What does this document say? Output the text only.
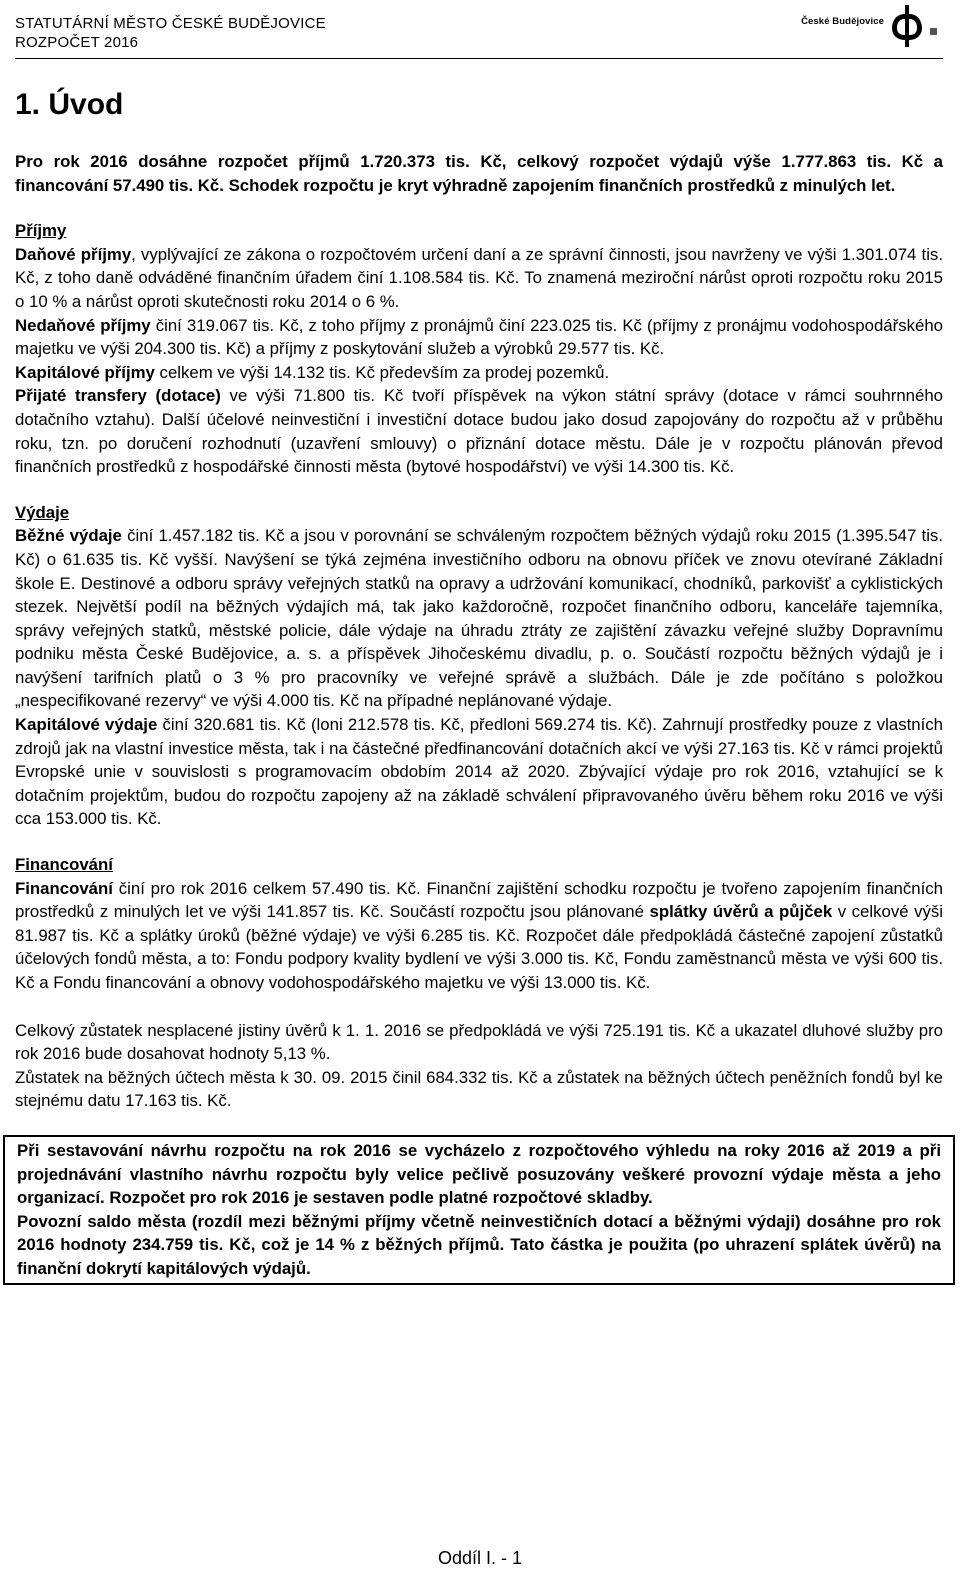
STATUTÁRNÍ MĚSTO ČESKÉ BUDĚJOVICE
ROZPOČET 2016
České Budějovice
1. Úvod

Pro rok 2016 dosáhne rozpočet příjmů 1.720.373 tis. Kč, celkový rozpočet výdajů výše 1.777.863 tis. Kč a financování 57.490 tis. Kč. Schodek rozpočtu je kryt výhradně zapojením finančních prostředků z minulých let.

Příjmy

Daňové příjmy, vyplývající ze zákona o rozpočtovém určení daní a ze správní činnosti, jsou navrženy ve výši 1.301.074 tis. Kč, z toho daně odváděné finančním úřadem činí 1.108.584 tis. Kč. To znamená meziroční nárůst oproti rozpočtu roku 2015 o 10 % a nárůst oproti skutečnosti roku 2014 o 6 %.

Nedaňové příjmy činí 319.067 tis. Kč, z toho příjmy z pronájmů činí 223.025 tis. Kč (příjmy z pronájmu vodohospodářského majetku ve výši 204.300 tis. Kč) a příjmy z poskytování služeb a výrobků 29.577 tis. Kč.

Kapitálové příjmy celkem ve výši 14.132 tis. Kč především za prodej pozemků.

Přijaté transfery (dotace) ve výši 71.800 tis. Kč tvoří příspěvek na výkon státní správy (dotace v rámci souhrnného dotačního vztahu). Další účelové neinvestiční i investiční dotace budou jako dosud zapojovány do rozpočtu až v průběhu roku, tzn. po doručení rozhodnutí (uzavření smlouvy) o přiznání dotace městu. Dále je v rozpočtu plánován převod finančních prostředků z hospodářské činnosti města (bytové hospodářství) ve výši 14.300 tis. Kč.

Výdaje

Běžné výdaje činí 1.457.182 tis. Kč a jsou v porovnání se schváleným rozpočtem běžných výdajů roku 2015 (1.395.547 tis. Kč) o 61.635 tis. Kč vyšší. Navýšení se týká zejména investičního odboru na obnovu příček ve znovu otevírané Základní škole E. Destinové a odboru správy veřejných statků na opravy a udržování komunikací, chodníků, parkovišť a cyklistických stezek. Největší podíl na běžných výdajích má, tak jako každoročně, rozpočet finančního odboru, kanceláře tajemníka, správy veřejných statků, městské policie, dále výdaje na úhradu ztráty ze zajištění závazku veřejné služby Dopravnímu podniku města České Budějovice, a. s. a příspěvek Jihočeskému divadlu, p. o. Součástí rozpočtu běžných výdajů je i navýšení tarifních platů o 3 % pro pracovníky ve veřejné správě a službách. Dále je zde počítáno s položkou „nespecifikované rezervy“ ve výši 4.000 tis. Kč na případné neplánované výdaje.

Kapitálové výdaje činí 320.681 tis. Kč (loni 212.578 tis. Kč, předloni 569.274 tis. Kč). Zahrnují prostředky pouze z vlastních zdrojů jak na vlastní investice města, tak i na částečné předfinancování dotačních akcí ve výši 27.163 tis. Kč v rámci projektů Evropské unie v souvislosti s programovacím obdobím 2014 až 2020. Zbývající výdaje pro rok 2016, vztahující se k dotačním projektům, budou do rozpočtu zapojeny až na základě schválení připravovaného úvěru během roku 2016 ve výši cca 153.000 tis. Kč.

Financování

Financování činí pro rok 2016 celkem 57.490 tis. Kč. Finanční zajištění schodku rozpočtu je tvořeno zapojením finančních prostředků z minulých let ve výši 141.857 tis. Kč. Součástí rozpočtu jsou plánované splátky úvěrů a půjček v celkové výši 81.987 tis. Kč a splátky úroků (běžné výdaje) ve výši 6.285 tis. Kč. Rozpočet dále předpokládá částečné zapojení zůstatků účelových fondů města, a to: Fondu podpory kvality bydlení ve výši 3.000 tis. Kč, Fondu zaměstnanců města ve výši 600 tis. Kč a Fondu financování a obnovy vodohospodářského majetku ve výši 13.000 tis. Kč.

Celkový zůstatek nesplacené jistiny úvěrů k 1. 1. 2016 se předpokládá ve výši 725.191 tis. Kč a ukazatel dluhové služby pro rok 2016 bude dosahovat hodnoty 5,13 %.

Zůstatek na běžných účtech města k 30. 09. 2015 činil 684.332 tis. Kč a zůstatek na běžných účtech peněžních fondů byl ke stejnému datu 17.163 tis. Kč.

Při sestavování návrhu rozpočtu na rok 2016 se vycházelo z rozpočtového výhledu na roky 2016 až 2019 a při projednávání vlastního návrhu rozpočtu byly velice pečlivě posuzovány veškeré provozní výdaje města a jeho organizací. Rozpočet pro rok 2016 je sestaven podle platné rozpočtové skladby.

Povozní saldo města (rozdíl mezi běžnými příjmy včetně neinvestičních dotací a běžnými výdaji) dosáhne pro rok 2016 hodnoty 234.759 tis. Kč, což je 14 % z běžných příjmů. Tato částka je použita (po uhrazení splátek úvěrů) na finanční dokrytí kapitálových výdajů.

Oddíl I. - 1
